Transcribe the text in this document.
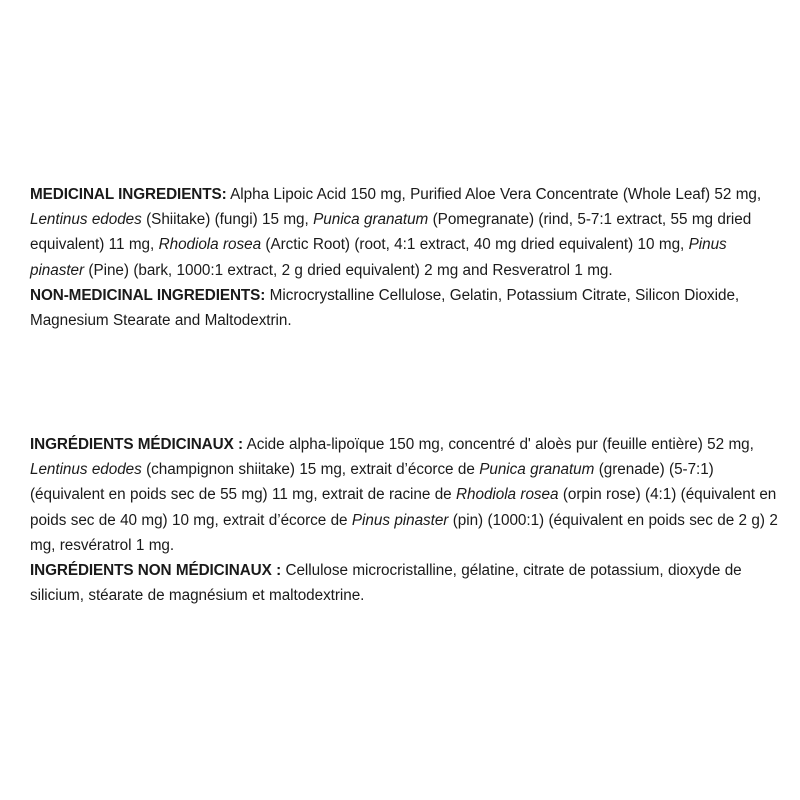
MEDICINAL INGREDIENTS: Alpha Lipoic Acid 150 mg, Purified Aloe Vera Concentrate (Whole Leaf) 52 mg, Lentinus edodes (Shiitake) (fungi) 15 mg, Punica granatum (Pomegranate) (rind, 5-7:1 extract, 55 mg dried equivalent) 11 mg, Rhodiola rosea (Arctic Root) (root, 4:1 extract, 40 mg dried equivalent) 10 mg, Pinus pinaster (Pine) (bark, 1000:1 extract, 2 g dried equivalent) 2 mg and Resveratrol 1 mg.

NON-MEDICINAL INGREDIENTS: Microcrystalline Cellulose, Gelatin, Potassium Citrate, Silicon Dioxide, Magnesium Stearate and Maltodextrin.

INGRÉDIENTS MÉDICINAUX : Acide alpha-lipoïque 150 mg, concentré d' aloès pur (feuille entière) 52 mg, Lentinus edodes (champignon shiitake) 15 mg, extrait d’écorce de Punica granatum (grenade) (5-7:1) (équivalent en poids sec de 55 mg) 11 mg, extrait de racine de Rhodiola rosea (orpin rose) (4:1) (équivalent en poids sec de 40 mg) 10 mg, extrait d’écorce de Pinus pinaster (pin) (1000:1) (équivalent en poids sec de 2 g) 2 mg, resvératrol 1 mg.

INGRÉDIENTS NON MÉDICINAUX : Cellulose microcristalline, gélatine, citrate de potassium, dioxyde de silicium, stéarate de magnésium et maltodextrine.
